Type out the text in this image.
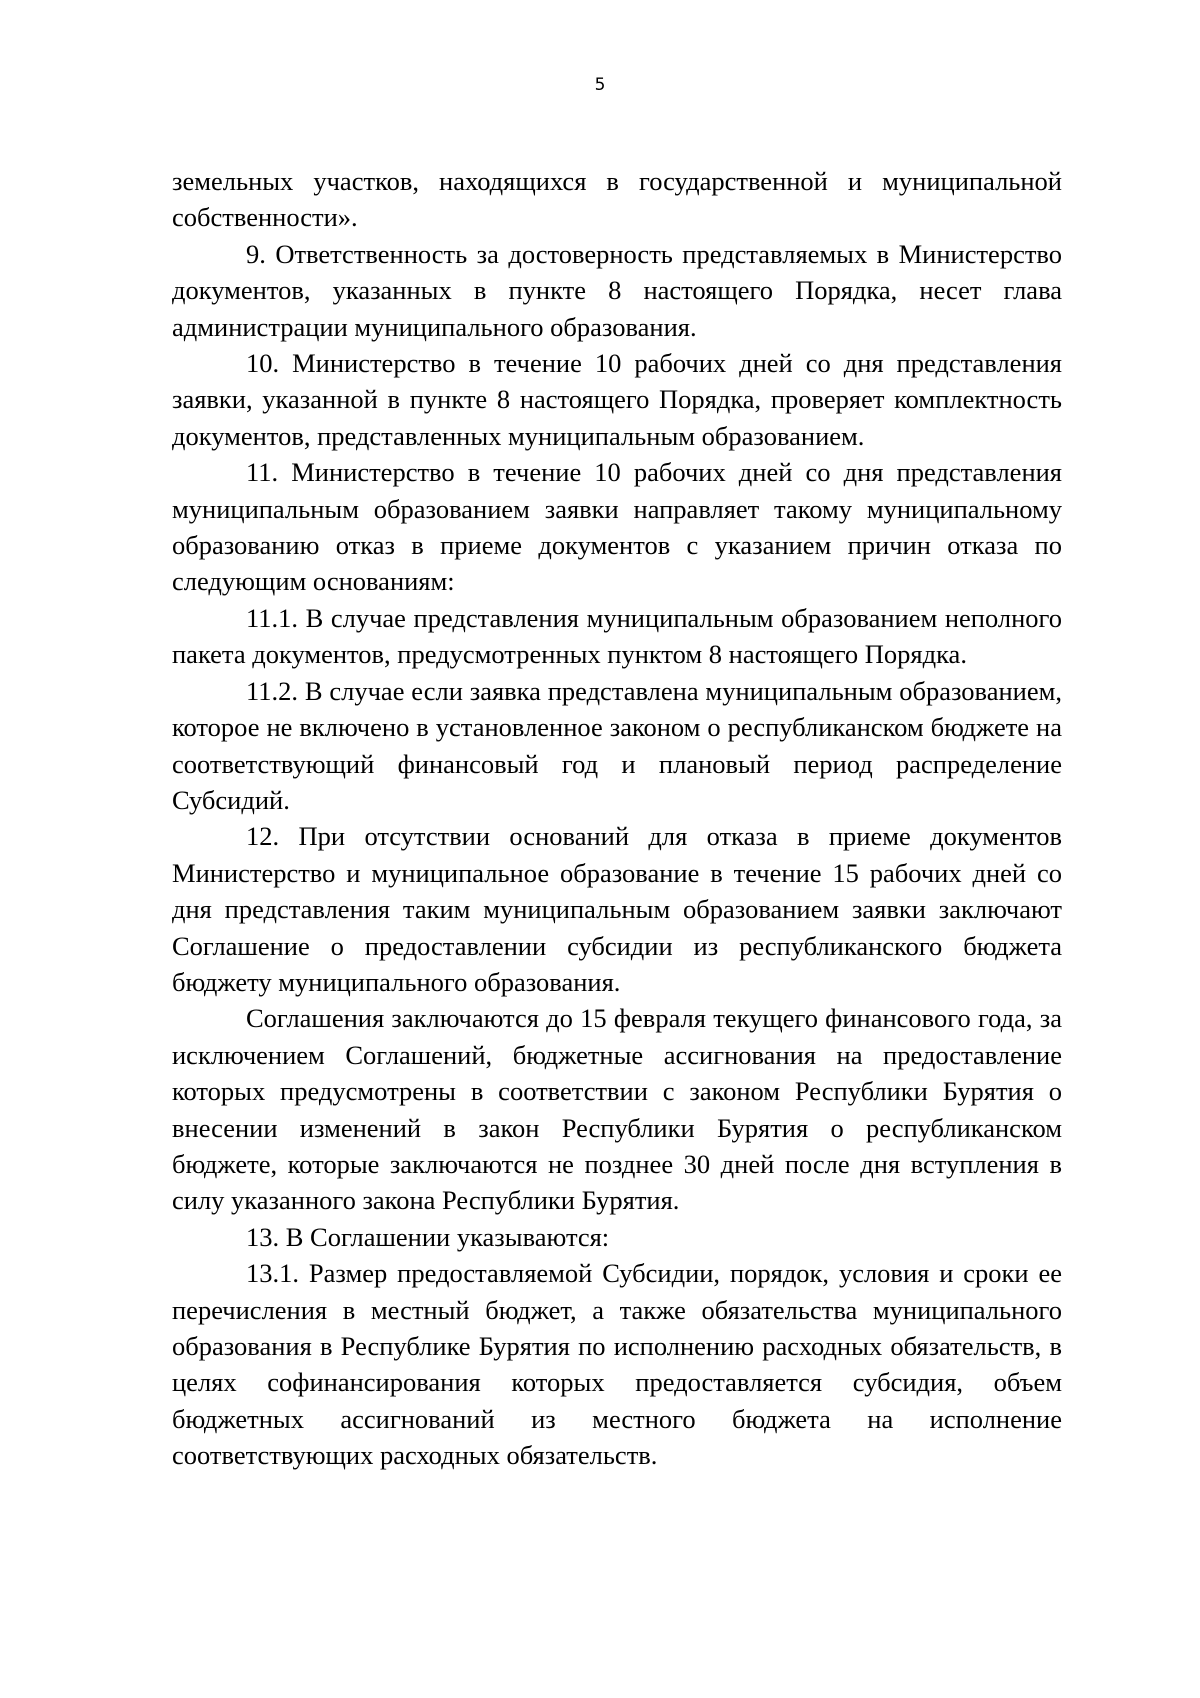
5

земельных участков, находящихся в государственной и муниципальной собственности».

9. Ответственность за достоверность представляемых в Министерство документов, указанных в пункте 8 настоящего Порядка, несет глава администрации муниципального образования.

10. Министерство в течение 10 рабочих дней со дня представления заявки, указанной в пункте 8 настоящего Порядка, проверяет комплектность документов, представленных муниципальным образованием.

11. Министерство в течение 10 рабочих дней со дня представления муниципальным образованием заявки направляет такому муниципальному образованию отказ в приеме документов с указанием причин отказа по следующим основаниям:

11.1. В случае представления муниципальным образованием неполного пакета документов, предусмотренных пунктом 8 настоящего Порядка.

11.2. В случае если заявка представлена муниципальным образованием, которое не включено в установленное законом о республиканском бюджете на соответствующий финансовый год и плановый период распределение Субсидий.

12. При отсутствии оснований для отказа в приеме документов Министерство и муниципальное образование в течение 15 рабочих дней со дня представления таким муниципальным образованием заявки заключают Соглашение о предоставлении субсидии из республиканского бюджета бюджету муниципального образования.

Соглашения заключаются до 15 февраля текущего финансового года, за исключением Соглашений, бюджетные ассигнования на предоставление которых предусмотрены в соответствии с законом Республики Бурятия о внесении изменений в закон Республики Бурятия о республиканском бюджете, которые заключаются не позднее 30 дней после дня вступления в силу указанного закона Республики Бурятия.

13. В Соглашении указываются:

13.1. Размер предоставляемой Субсидии, порядок, условия и сроки ее перечисления в местный бюджет, а также обязательства муниципального образования в Республике Бурятия по исполнению расходных обязательств, в целях софинансирования которых предоставляется субсидия, объем бюджетных ассигнований из местного бюджета на исполнение соответствующих расходных обязательств.
